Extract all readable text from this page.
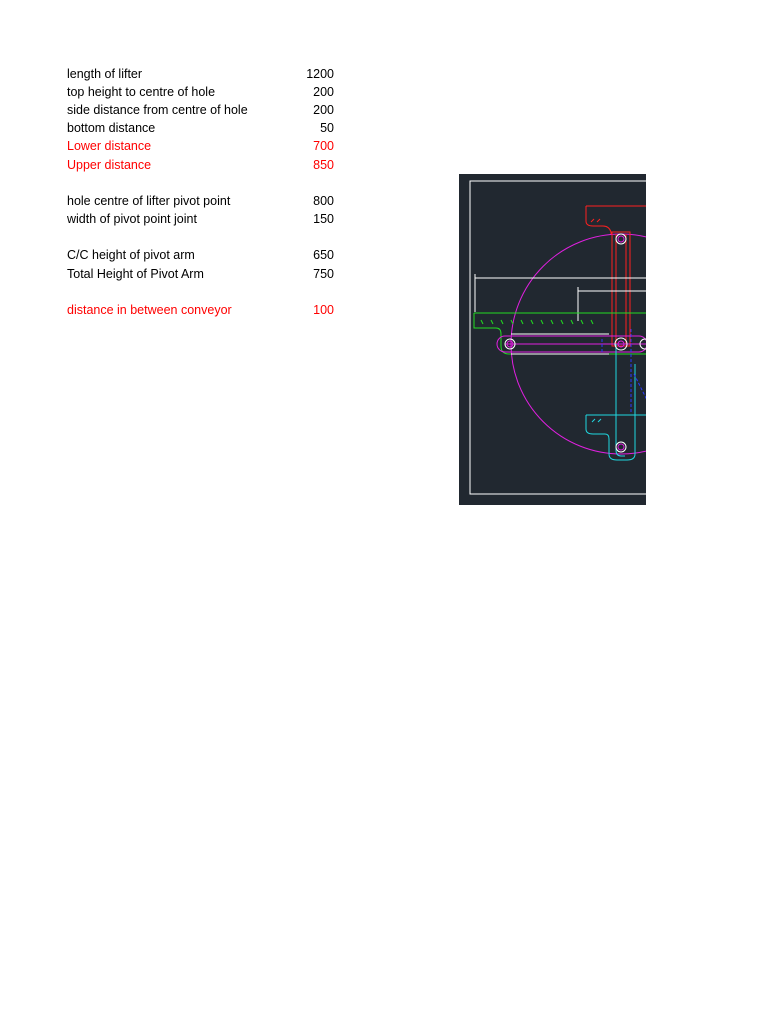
length of lifter	1200
top height to centre of hole	200
side distance from centre of hole	200
bottom distance	50
Lower distance	700
Upper distance	850
hole centre of lifter pivot point	800
width of pivot point joint	150
C/C height of pivot arm	650
Total Height of Pivot Arm	750
distance in between conveyor	100
